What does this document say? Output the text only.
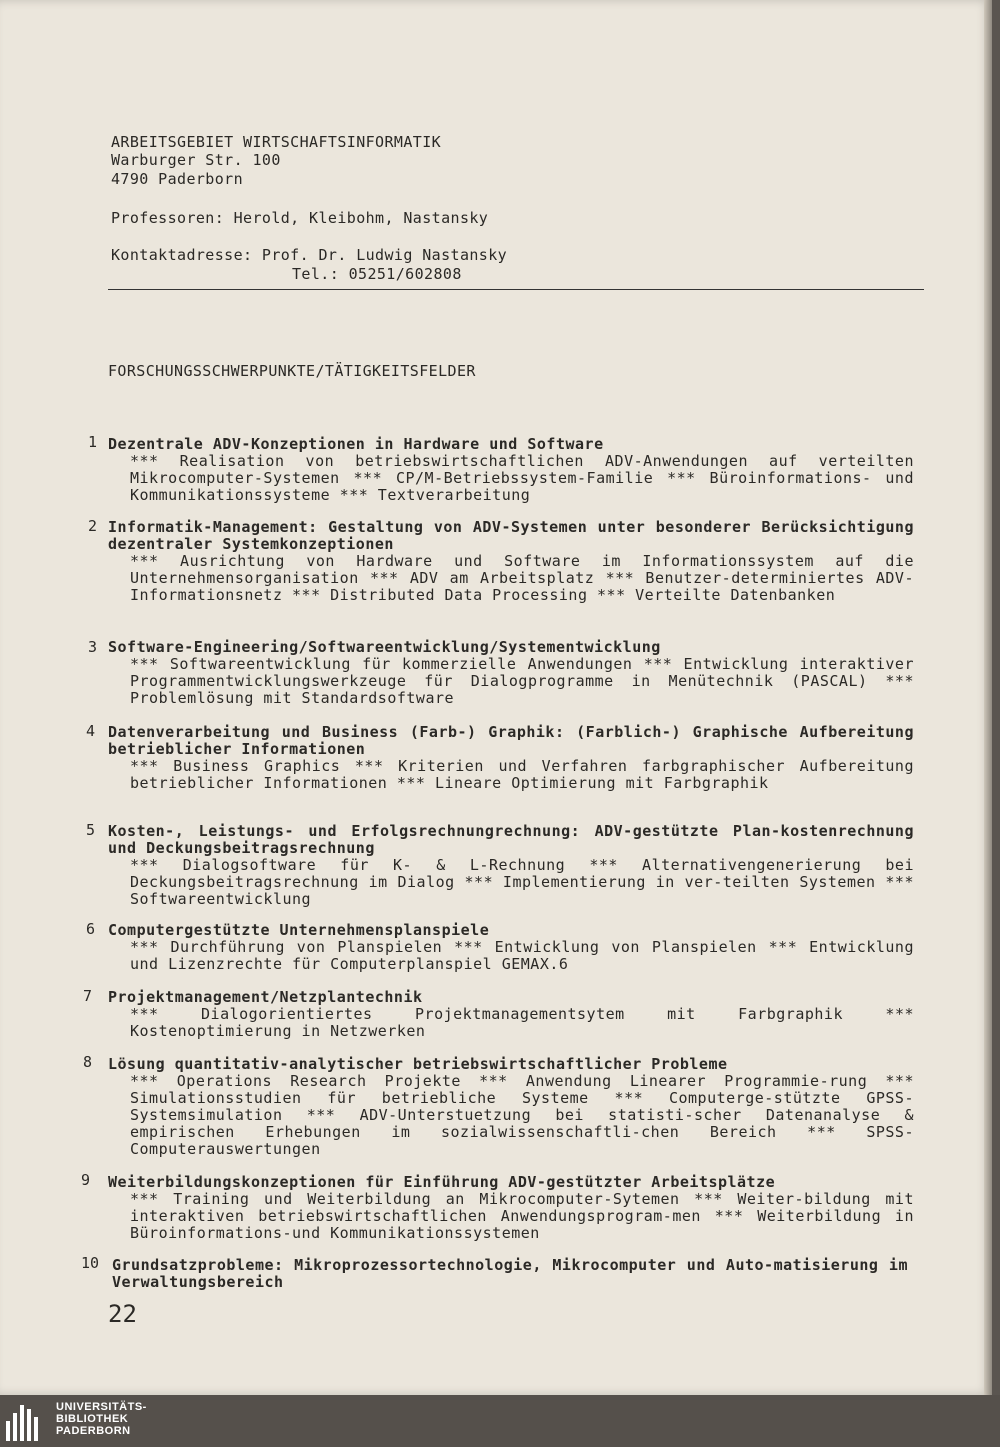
ARBEITSGEBIET WIRTSCHAFTSINFORMATIK
Warburger Str. 100
4790 Paderborn
Professoren: Herold, Kleibohm, Nastansky
Kontaktadresse: Prof. Dr. Ludwig Nastansky
Tel.: 05251/602808
FORSCHUNGSSCHWERPUNKTE/TÄTIGKEITSFELDER
1 Dezentrale ADV-Konzeptionen in Hardware und Software
*** Realisation von betriebswirtschaftlichen ADV-Anwendungen auf verteilten Mikrocomputer-Systemen *** CP/M-Betriebssystem-Familie *** Büroinformations- und Kommunikationssysteme *** Textverarbeitung
2 Informatik-Management: Gestaltung von ADV-Systemen unter besonderer Berücksichtigung dezentraler Systemkonzeptionen
*** Ausrichtung von Hardware und Software im Informationssystem auf die Unternehmensorganisation *** ADV am Arbeitsplatz *** Benutzer-determiniertes ADV-Informationsnetz *** Distributed Data Processing *** Verteilte Datenbanken
3 Software-Engineering/Softwareentwicklung/Systementwicklung
*** Softwareentwicklung für kommerzielle Anwendungen *** Entwicklung interaktiver Programmentwicklungswerkzeuge für Dialogprogramme in Menütechnik (PASCAL) *** Problemlösung mit Standardsoftware
4 Datenverarbeitung und Business (Farb-) Graphik: (Farblich-) Graphische Aufbereitung betrieblicher Informationen
*** Business Graphics *** Kriterien und Verfahren farbgraphischer Aufbereitung betrieblicher Informationen *** Lineare Optimierung mit Farbgraphik
5 Kosten-, Leistungs- und Erfolgsrechnungrechnung: ADV-gestützte Plan-kostenrechnung und Deckungsbeitragsrechnung
*** Dialogsoftware für K- & L-Rechnung *** Alternativengenerierung bei Deckungsbeitragsrechnung im Dialog *** Implementierung in ver-teilten Systemen *** Softwareentwicklung
6 Computergestützte Unternehmensplanspiele
*** Durchführung von Planspielen *** Entwicklung von Planspielen *** Entwicklung und Lizenzrechte für Computerplanspiel GEMAX.6
7 Projektmanagement/Netzplantechnik
*** Dialogorientiertes Projektmanagementsytem mit Farbgraphik *** Kostenoptimierung in Netzwerken
8 Lösung quantitativ-analytischer betriebswirtschaftlicher Probleme
*** Operations Research Projekte *** Anwendung Linearer Programmie-rung *** Simulationsstudien für betriebliche Systeme *** Computerge-stützte GPSS-Systemsimulation *** ADV-Unterstuetzung bei statisti-scher Datenanalyse & empirischen Erhebungen im sozialwissenschaftli-chen Bereich *** SPSS-Computerauswertungen
9 Weiterbildungskonzeptionen für Einführung ADV-gestützter Arbeitsplätze
*** Training und Weiterbildung an Mikrocomputer-Sytemen *** Weiter-bildung mit interaktiven betriebswirtschaftlichen Anwendungsprogram-men *** Weiterbildung in Büroinformations-und Kommunikationssystemen
10 Grundsatzprobleme: Mikroprozessortechnologie, Mikrocomputer und Auto-matisierung im Verwaltungsbereich
22
UNIVERSITÄTS-
BIBLIOTHEK
PADERBORN
